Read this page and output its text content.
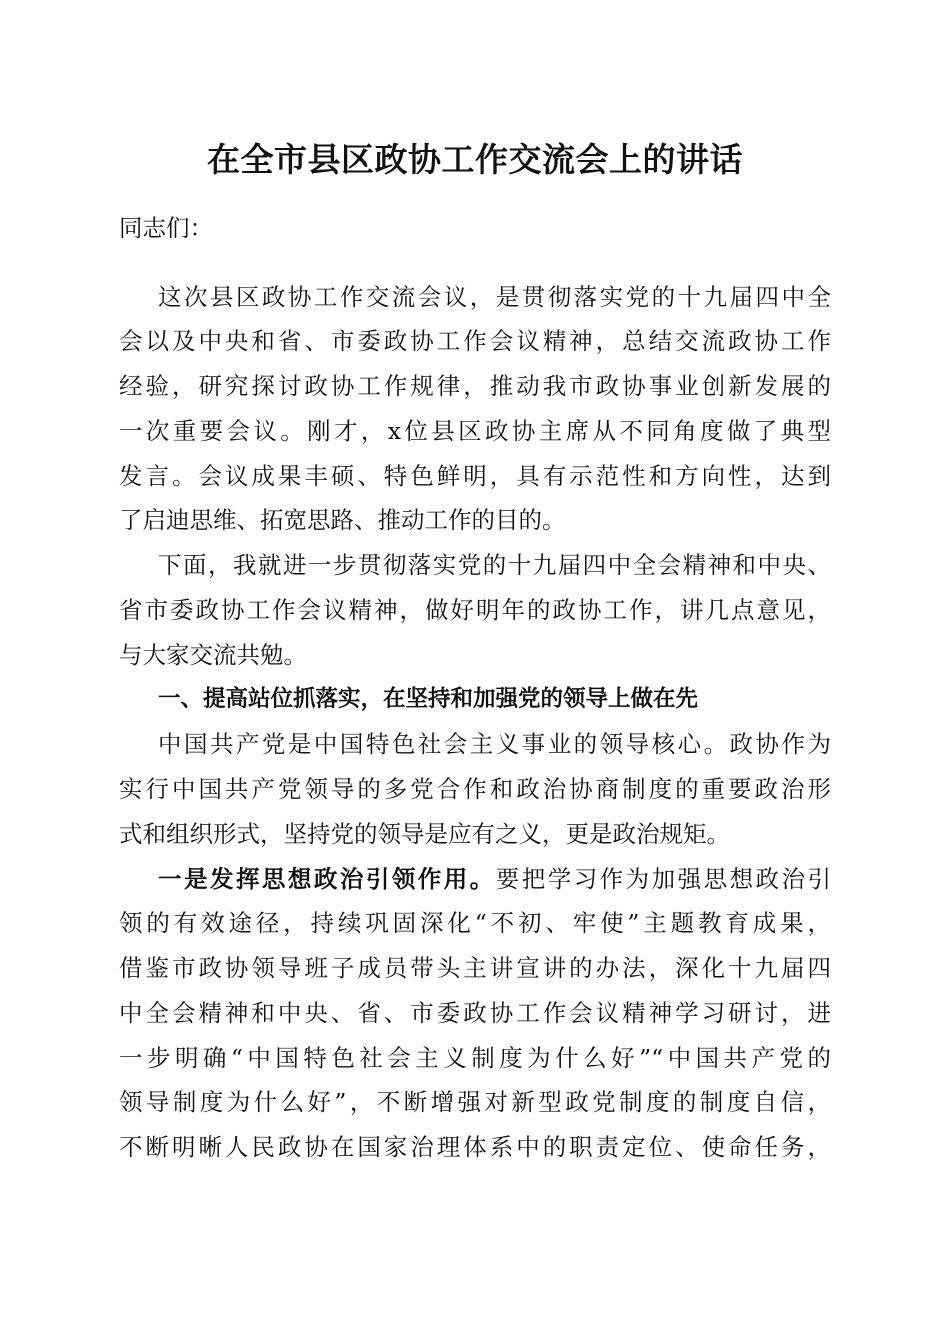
在全市县区政协工作交流会上的讲话
同志们：
这次县区政协工作交流会议，是贯彻落实党的十九届四中全
会以及中央和省、市委政协工作会议精神，总结交流政协工作
经验，研究探讨政协工作规律，推动我市政协事业创新发展的
一次重要会议。刚才，x位县区政协主席从不同角度做了典型
发言。会议成果丰硕、特色鲜明，具有示范性和方向性，达到
了启迪思维、拓宽思路、推动工作的目的。
下面，我就进一步贯彻落实党的十九届四中全会精神和中央、
省市委政协工作会议精神，做好明年的政协工作，讲几点意见，
与大家交流共勉。
一、提高站位抓落实，在坚持和加强党的领导上做在先
中国共产党是中国特色社会主义事业的领导核心。政协作为
实行中国共产党领导的多党合作和政治协商制度的重要政治形
式和组织形式，坚持党的领导是应有之义，更是政治规矩。
一是发挥思想政治引领作用。要把学习作为加强思想政治引
领的有效途径，持续巩固深化“不初、牢使”主题教育成果，
借鉴市政协领导班子成员带头主讲宣讲的办法，深化十九届四
中全会精神和中央、省、市委政协工作会议精神学习研讨，进
一步明确“中国特色社会主义制度为什么好”“中国共产党的
领导制度为什么好”，不断增强对新型政党制度的制度自信，
不断明晰人民政协在国家治理体系中的职责定位、使命任务，
